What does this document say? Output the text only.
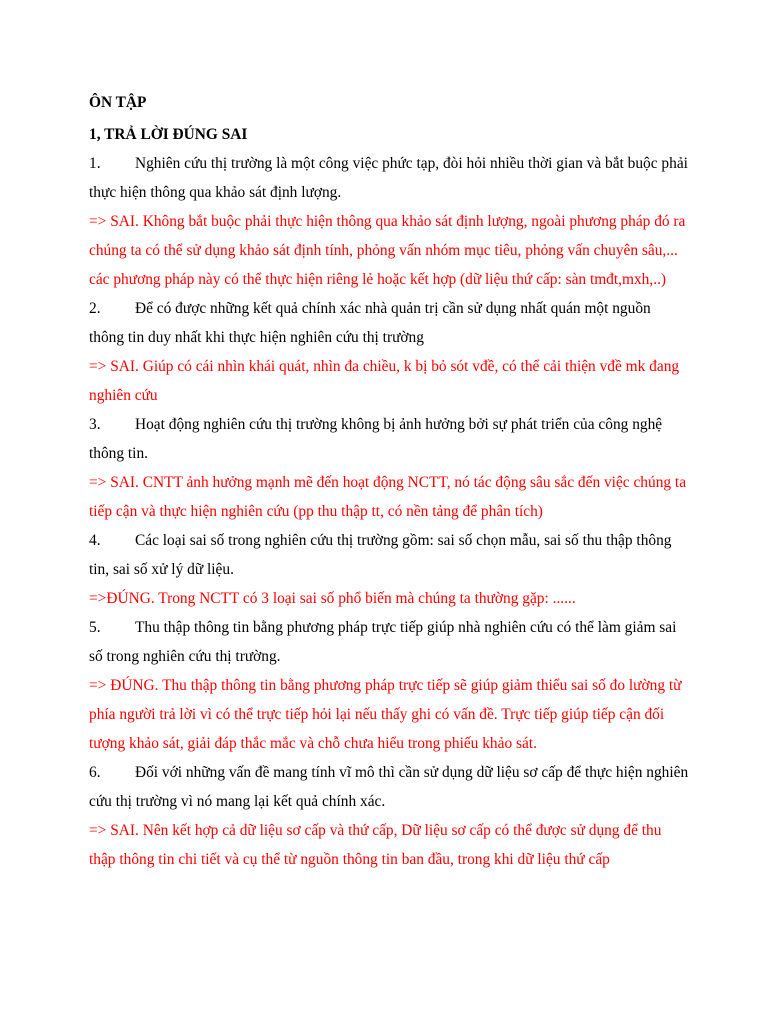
ÔN TẬP

1, TRẢ LỜI ĐÚNG SAI

1. Nghiên cứu thị trường là một công việc phức tạp, đòi hỏi nhiều thời gian và bắt buộc phải thực hiện thông qua khảo sát định lượng.

=> SAI. Không bắt buộc phải thực hiện thông qua khảo sát định lượng, ngoài phương pháp đó ra chúng ta có thể sử dụng khảo sát định tính, phỏng vấn nhóm mục tiêu, phỏng vấn chuyên sâu,... các phương pháp này có thể thực hiện riêng lẻ hoặc kết hợp (dữ liệu thứ cấp: sàn tmđt,mxh,..)

2. Để có được những kết quả chính xác nhà quản trị cần sử dụng nhất quán một nguồn thông tin duy nhất khi thực hiện nghiên cứu thị trường

=> SAI. Giúp có cái nhìn khái quát, nhìn đa chiều, k bị bỏ sót vđề, có thể cải thiện vđề mk đang nghiên cứu

3. Hoạt động nghiên cứu thị trường không bị ảnh hưởng bởi sự phát triển của công nghệ thông tin.

=> SAI. CNTT ảnh hưởng mạnh mẽ đến hoạt động NCTT, nó tác động sâu sắc đến việc chúng ta tiếp cận và thực hiện nghiên cứu (pp thu thập tt, có nền tảng để phân tích)

4. Các loại sai số trong nghiên cứu thị trường gồm: sai số chọn mẫu, sai số thu thập thông tin, sai số xử lý dữ liệu.

=>ĐÚNG. Trong NCTT có 3 loại sai số phổ biến mà chúng ta thường gặp: ......

5. Thu thập thông tin bằng phương pháp trực tiếp giúp nhà nghiên cứu có thể làm giảm sai số trong nghiên cứu thị trường.

=> ĐÚNG. Thu thập thông tin bằng phương pháp trực tiếp sẽ giúp giảm thiểu sai số đo lường từ phía người trả lời vì có thể trực tiếp hỏi lại nếu thấy ghi có vấn đề. Trực tiếp giúp tiếp cận đối tượng khảo sát, giải đáp thắc mắc và chỗ chưa hiểu trong phiếu khảo sát.

6. Đối với những vấn đề mang tính vĩ mô thì cần sử dụng dữ liệu sơ cấp để thực hiện nghiên cứu thị trường vì nó mang lại kết quả chính xác.

=> SAI. Nên kết hợp cả dữ liệu sơ cấp và thứ cấp, Dữ liệu sơ cấp có thể được sử dụng để thu thập thông tin chi tiết và cụ thể từ nguồn thông tin ban đầu, trong khi dữ liệu thứ cấp
